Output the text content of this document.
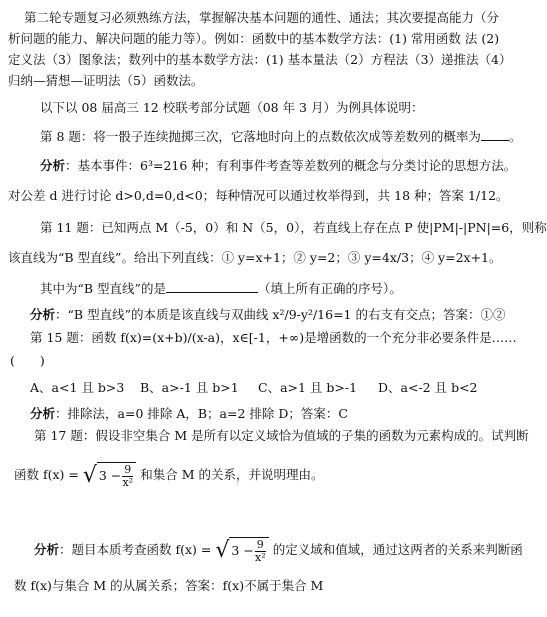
第二轮专题复习必须熟练方法，掌握解决基本问题的通性、通法；其次要提高能力（分
析问题的能力、解决问题的能力等）。例如：函数中的基本数学方法：(1) 常用函数 法 (2)
定义法（3）图象法；数列中的基本数学方法：(1) 基本量法（2）方程法（3）递推法（4）
归纳—猜想—证明法（5）函数法。
以下以 08 届高三 12 校联考部分试题（08 年 3 月）为例具体说明：
第 8 题：将一骰子连续抛掷三次，它落地时向上的点数依次成等差数列的概率为 。
分析：基本事件：6³=216 种；有利事件考查等差数列的概念与分类讨论的思想方法。
对公差 d 进行讨论 d>0,d=0,d<0；每种情况可以通过枚举得到，共 18 种；答案 1/12。
第 11 题：已知两点 M（-5，0）和 N（5，0），若直线上存在点 P 使|PM|-|PN|=6，则称
该直线为“B 型直线”。给出下列直线：① y=x+1；② y=2；③ y=4x/3；④ y=2x+1。
其中为“B 型直线”的是	（填上所有正确的序号）。
分析：“B 型直线”的本质是该直线与双曲线 x²/9-y²/16=1 的右支有交点；答案：①②
第 15 题：函数 f(x)=(x+b)/(x-a)，x∈[-1，+∞)是增函数的一个充分非必要条件是……
(　　)
A、a<1 且 b>3 B、a>-1 且 b>1 C、a>1 且 b>-1 D、a<-2 且 b<2
分析：排除法，a=0 排除 A，B；a=2 排除 D；答案：C
第 17 题：假设非空集合 M 是所有以定义域恰为值域的子集的函数为元素构成的。试判断
函数 f(x) = √ $3 - \frac{9}{\text{x²}}$ 和集合 M 的关系，并说明理由。
分析：题目本质考查函数 f(x) = √ $3 - \frac{9}{\text{x²}}$ 的定义域和值域，通过这两者的关系来判断函
数 f(x)与集合 M 的从属关系；答案：f(x)不属于集合 M
